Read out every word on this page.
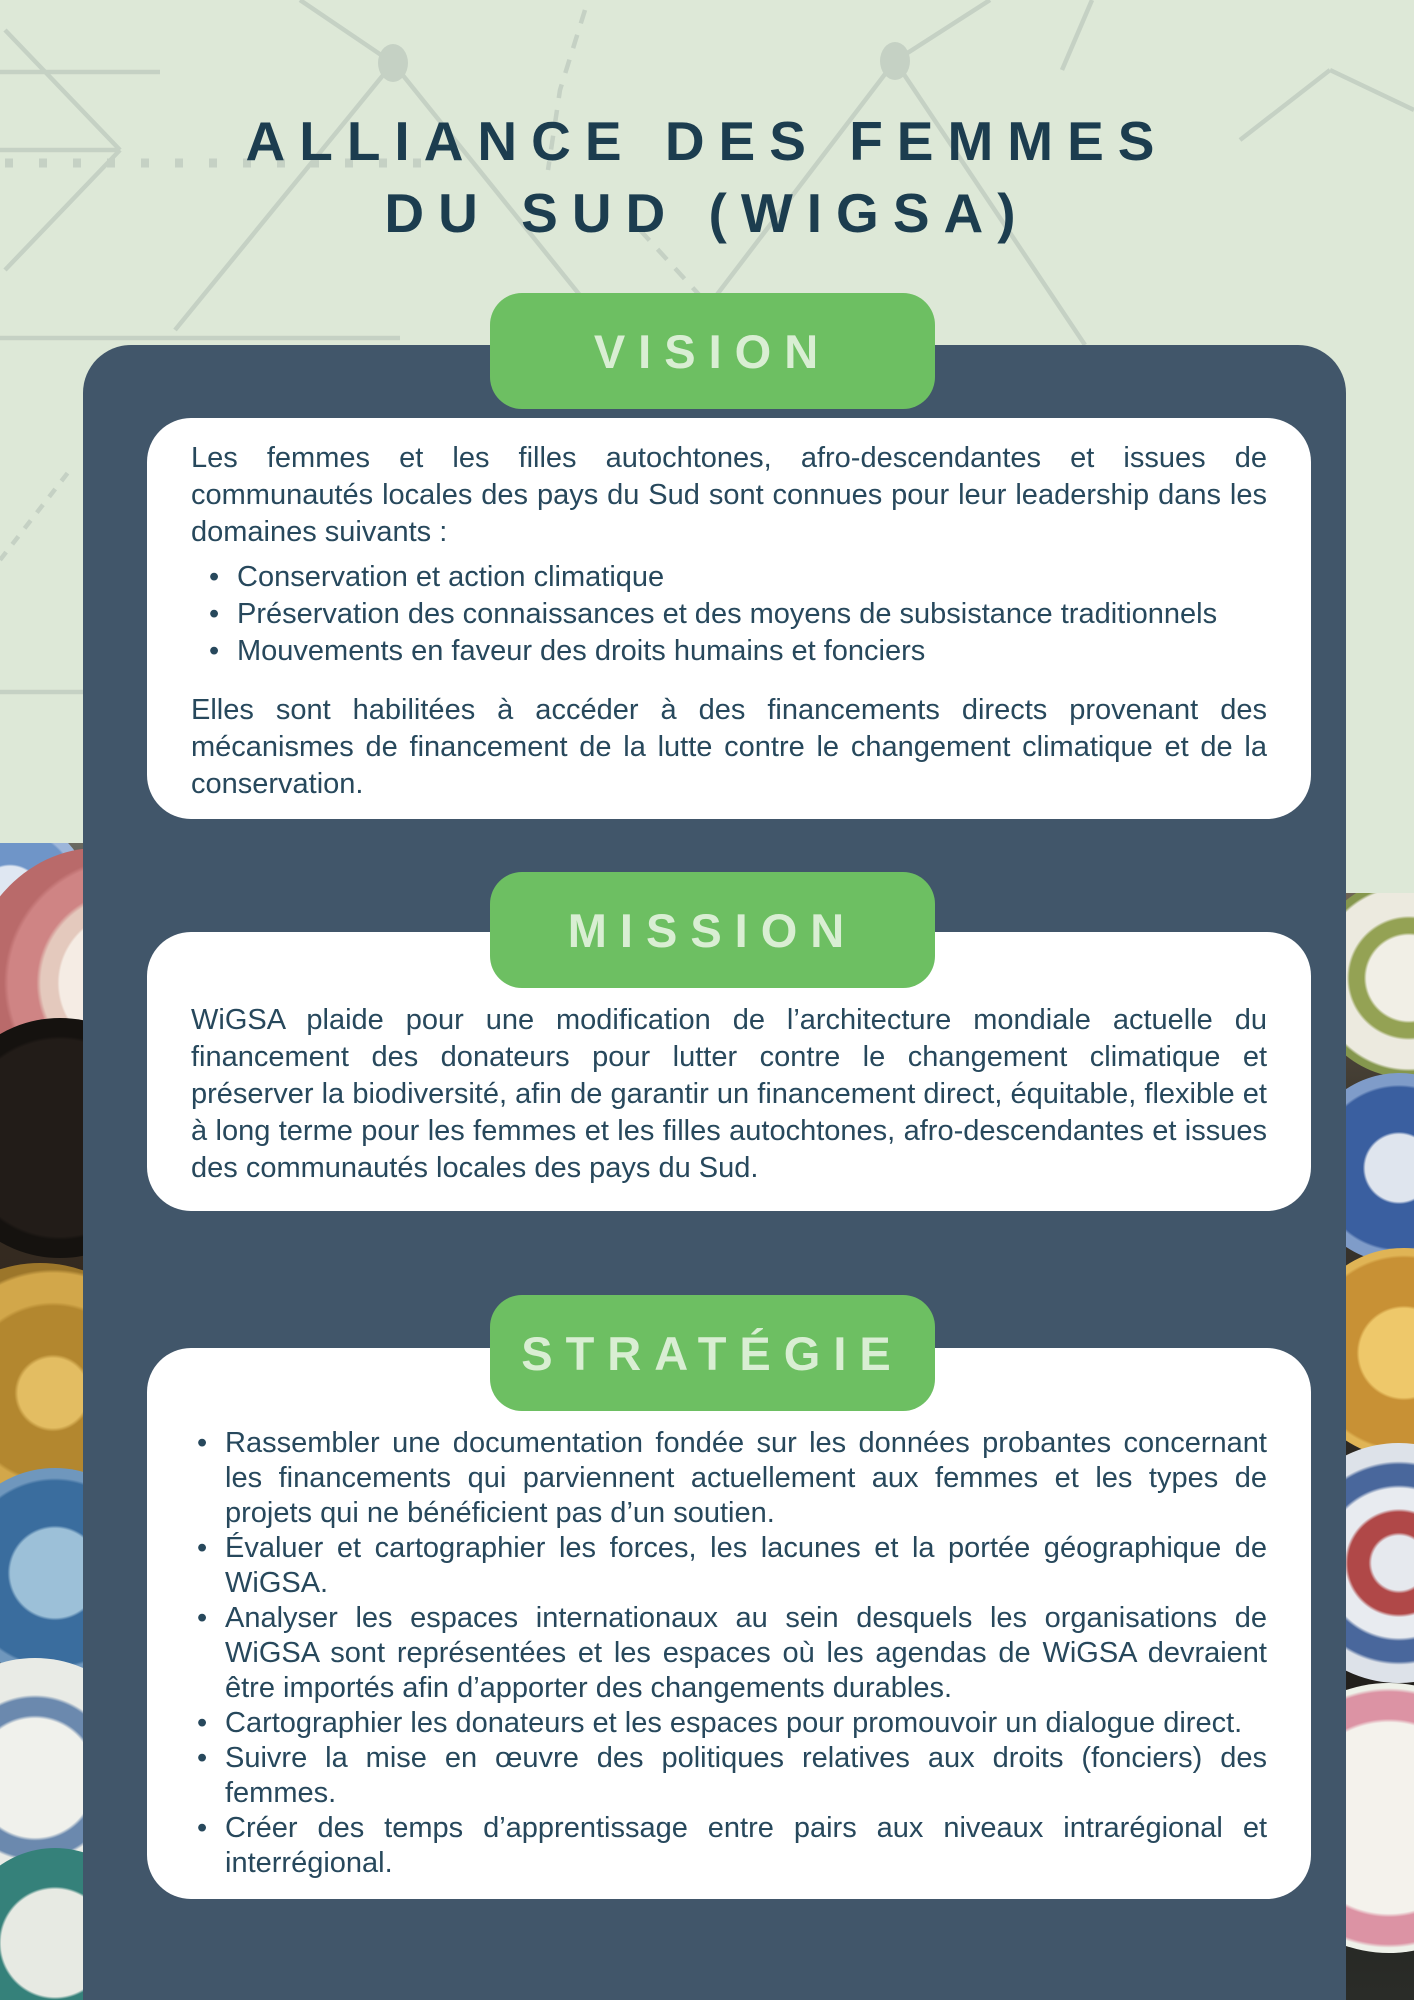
ALLIANCE DES FEMMES
DU SUD (WIGSA)
VISION

Les femmes et les filles autochtones, afro-descendantes et issues de communautés locales des pays du Sud sont connues pour leur leadership dans les domaines suivants :

• Conservation et action climatique
• Préservation des connaissances et des moyens de subsistance traditionnels
• Mouvements en faveur des droits humains et fonciers

Elles sont habilitées à accéder à des financements directs provenant des mécanismes de financement de la lutte contre le changement climatique et de la conservation.

MISSION

WiGSA plaide pour une modification de l’architecture mondiale actuelle du financement des donateurs pour lutter contre le changement climatique et préserver la biodiversité, afin de garantir un financement direct, équitable, flexible et à long terme pour les femmes et les filles autochtones, afro-descendantes et issues des communautés locales des pays du Sud.

STRATÉGIE
• Rassembler une documentation fondée sur les données probantes concernant les financements qui parviennent actuellement aux femmes et les types de projets qui ne bénéficient pas d’un soutien.
• Évaluer et cartographier les forces, les lacunes et la portée géographique de WiGSA.
• Analyser les espaces internationaux au sein desquels les organisations de WiGSA sont représentées et les espaces où les agendas de WiGSA devraient être importés afin d’apporter des changements durables.
• Cartographier les donateurs et les espaces pour promouvoir un dialogue direct.
• Suivre la mise en œuvre des politiques relatives aux droits (fonciers) des femmes.
• Créer des temps d’apprentissage entre pairs aux niveaux intrarégional et interrégional.
